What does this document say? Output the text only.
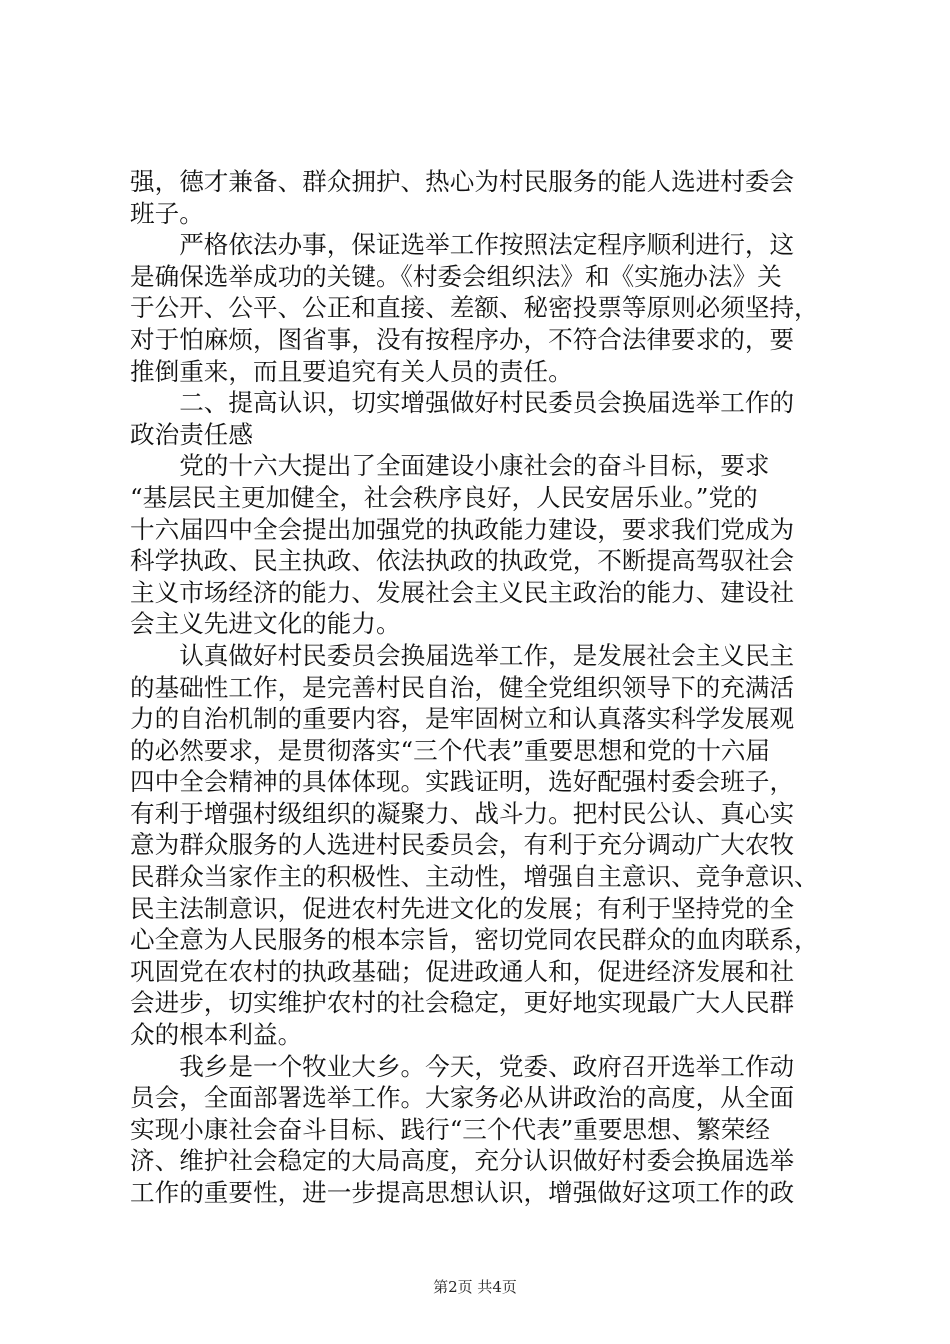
强，德才兼备、群众拥护、热心为村民服务的能人选进村委会
班子。
　　严格依法办事，保证选举工作按照法定程序顺利进行，这
是确保选举成功的关键。《村委会组织法》和《实施办法》关
于公开、公平、公正和直接、差额、秘密投票等原则必须坚持，
对于怕麻烦，图省事，没有按程序办，不符合法律要求的，要
推倒重来，而且要追究有关人员的责任。
　　二、提高认识，切实增强做好村民委员会换届选举工作的
政治责任感
　　党的十六大提出了全面建设小康社会的奋斗目标，要求
“基层民主更加健全，社会秩序良好，人民安居乐业。”党的
十六届四中全会提出加强党的执政能力建设，要求我们党成为
科学执政、民主执政、依法执政的执政党，不断提高驾驭社会
主义市场经济的能力、发展社会主义民主政治的能力、建设社
会主义先进文化的能力。
　　认真做好村民委员会换届选举工作，是发展社会主义民主
的基础性工作，是完善村民自治，健全党组织领导下的充满活
力的自治机制的重要内容，是牢固树立和认真落实科学发展观
的必然要求，是贯彻落实“三个代表”重要思想和党的十六届
四中全会精神的具体体现。实践证明，选好配强村委会班子，
有利于增强村级组织的凝聚力、战斗力。把村民公认、真心实
意为群众服务的人选进村民委员会，有利于充分调动广大农牧
民群众当家作主的积极性、主动性，增强自主意识、竞争意识、
民主法制意识，促进农村先进文化的发展；有利于坚持党的全
心全意为人民服务的根本宗旨，密切党同农民群众的血肉联系，
巩固党在农村的执政基础；促进政通人和，促进经济发展和社
会进步，切实维护农村的社会稳定，更好地实现最广大人民群
众的根本利益。
　　我乡是一个牧业大乡。今天，党委、政府召开选举工作动
员会，全面部署选举工作。大家务必从讲政治的高度，从全面
实现小康社会奋斗目标、践行“三个代表”重要思想、繁荣经
济、维护社会稳定的大局高度，充分认识做好村委会换届选举
工作的重要性，进一步提高思想认识，增强做好这项工作的政
第2页 共4页
